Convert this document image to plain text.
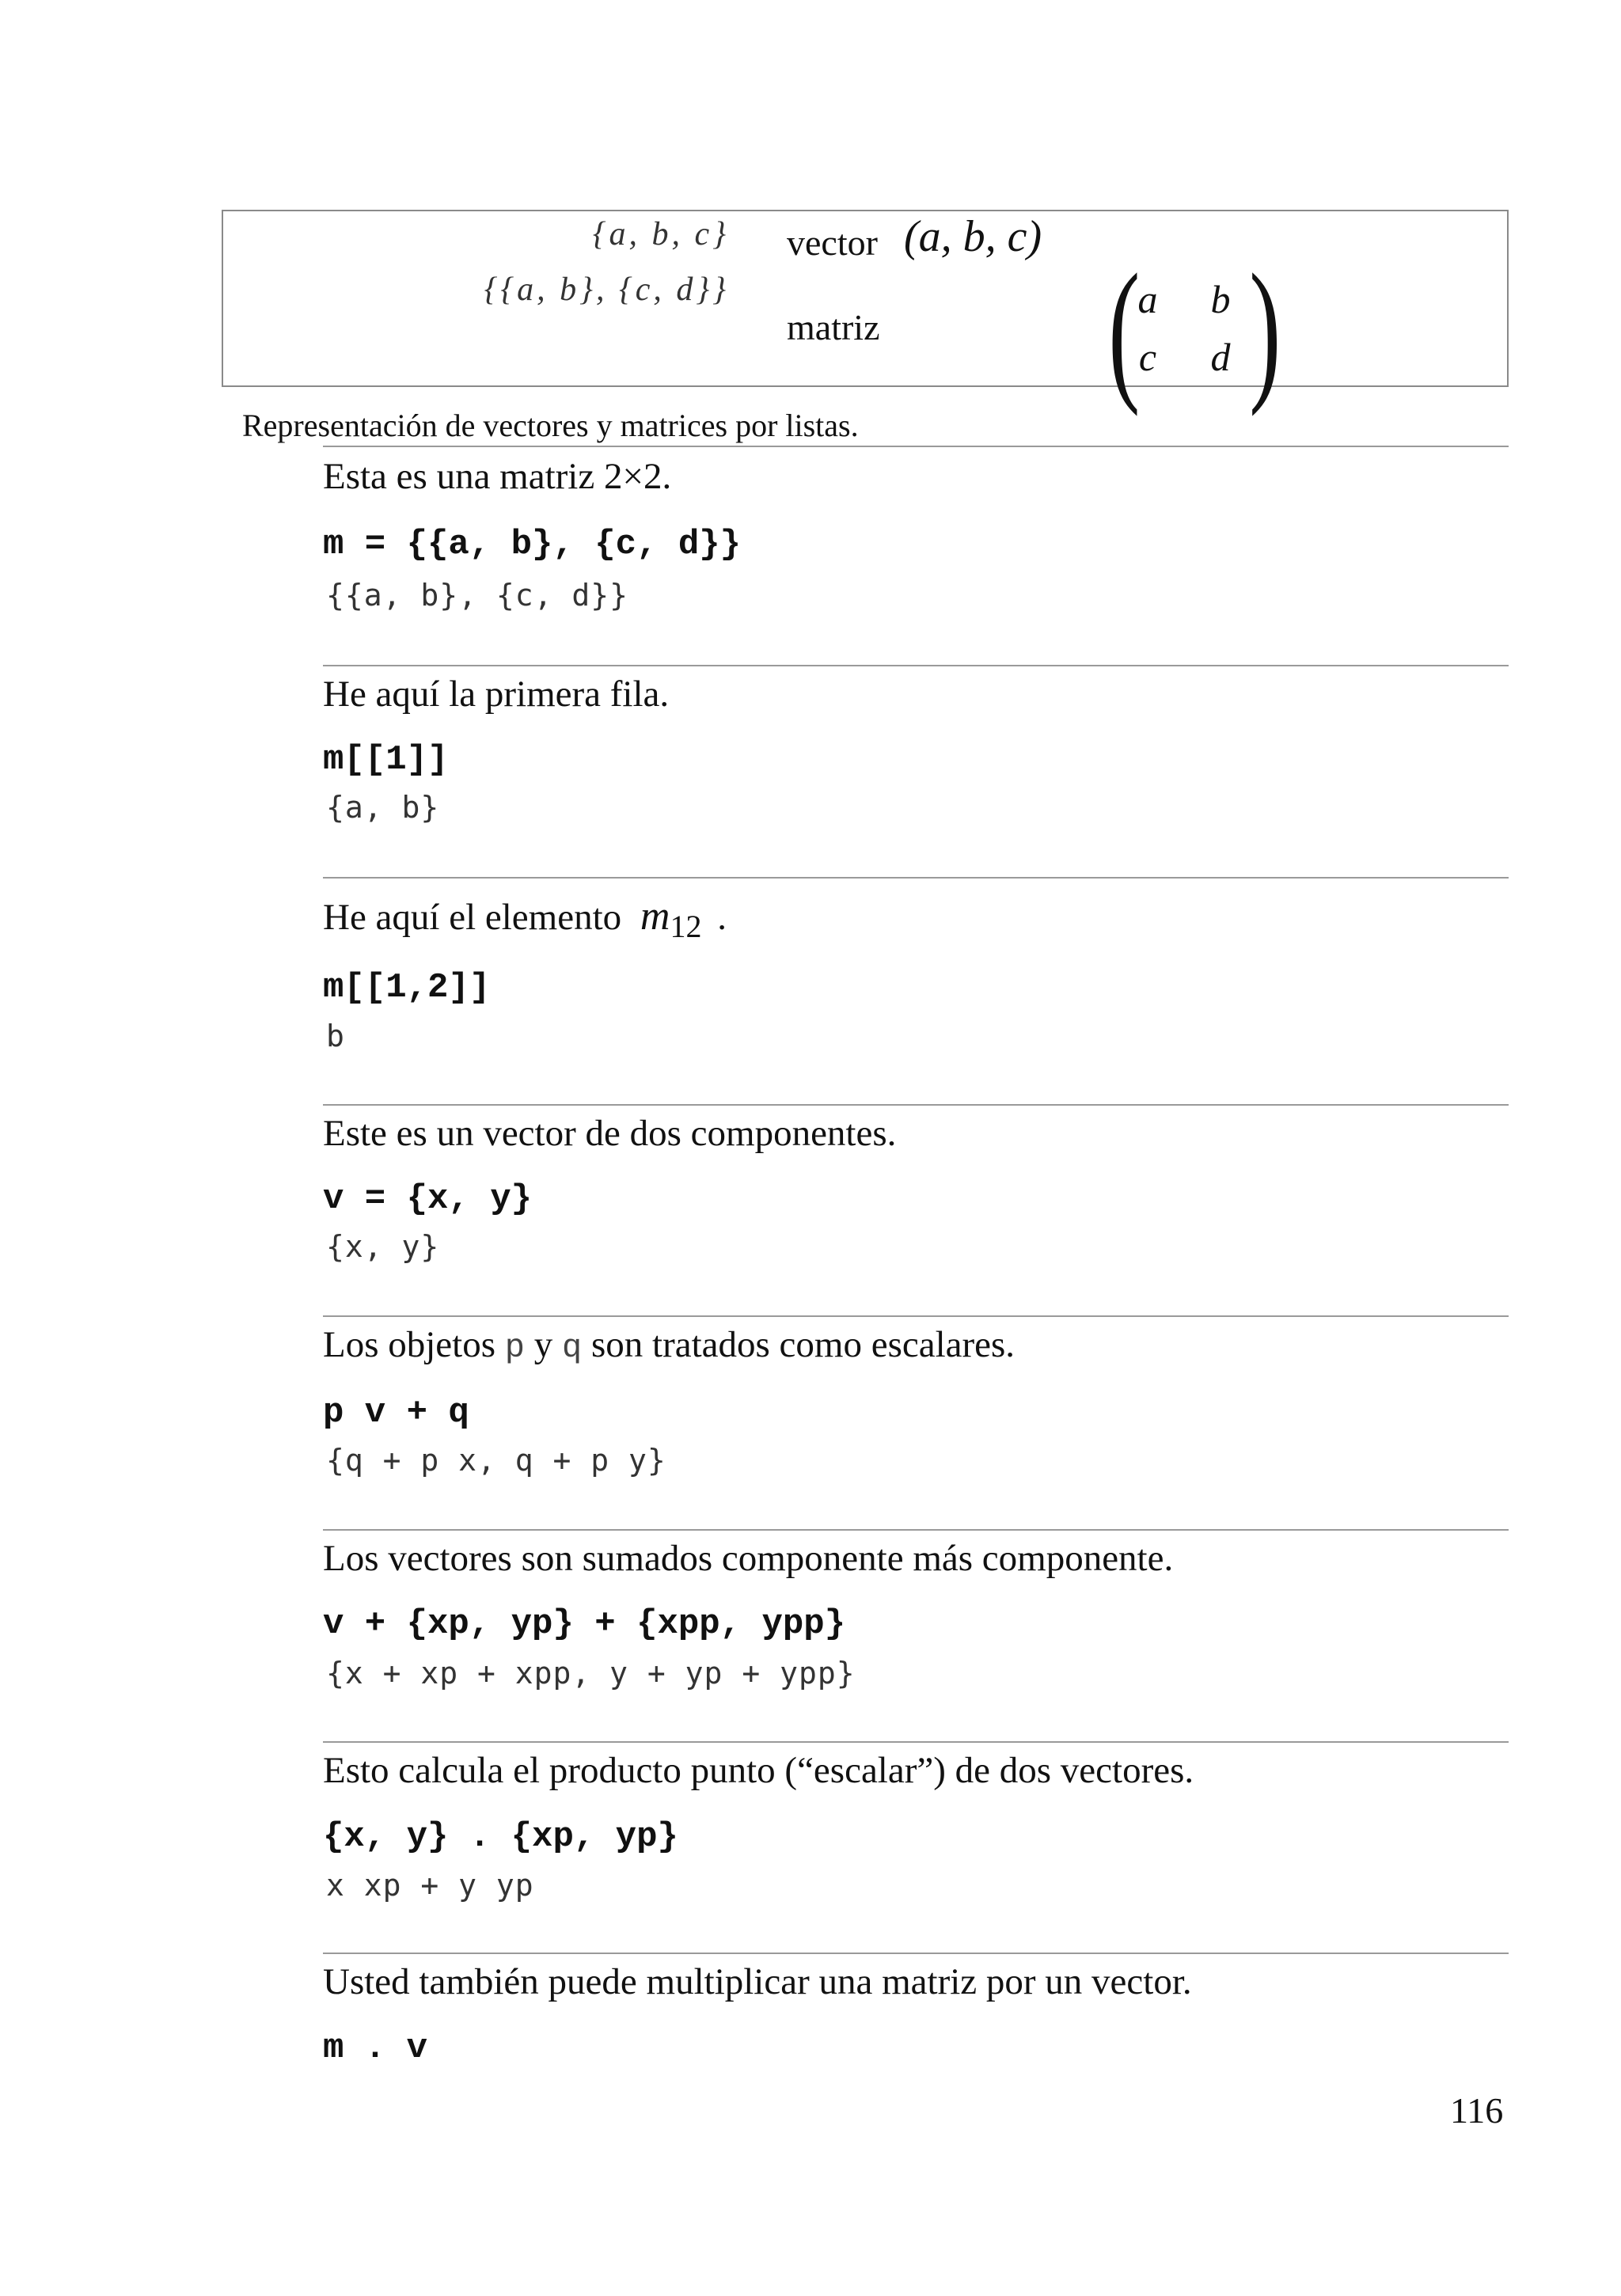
{a, b, c} vector (a, b, c)
{{a, b}, {c, d}}
matriz (
a b
c d )
Representación de vectores y matrices por listas.
Esta es una matriz 2×2.
m = {{a, b}, {c, d}}
{{a, b}, {c, d}}
He aquí la primera fila.
m[[1]]
{a, b}
He aquí el elemento m12 .
m[[1,2]]
b
Este es un vector de dos componentes.
v = {x, y}
{x, y}
Los objetos p y q son tratados como escalares.
p v + q
{q + p x, q + p y}
Los vectores son sumados componente más componente.
v + {xp, yp} + {xpp, ypp}
{x + xp + xpp, y + yp + ypp}
Esto calcula el producto punto (“escalar”) de dos vectores.
{x, y} . {xp, yp}
x xp + y yp
Usted también puede multiplicar una matriz por un vector.
m . v
116
